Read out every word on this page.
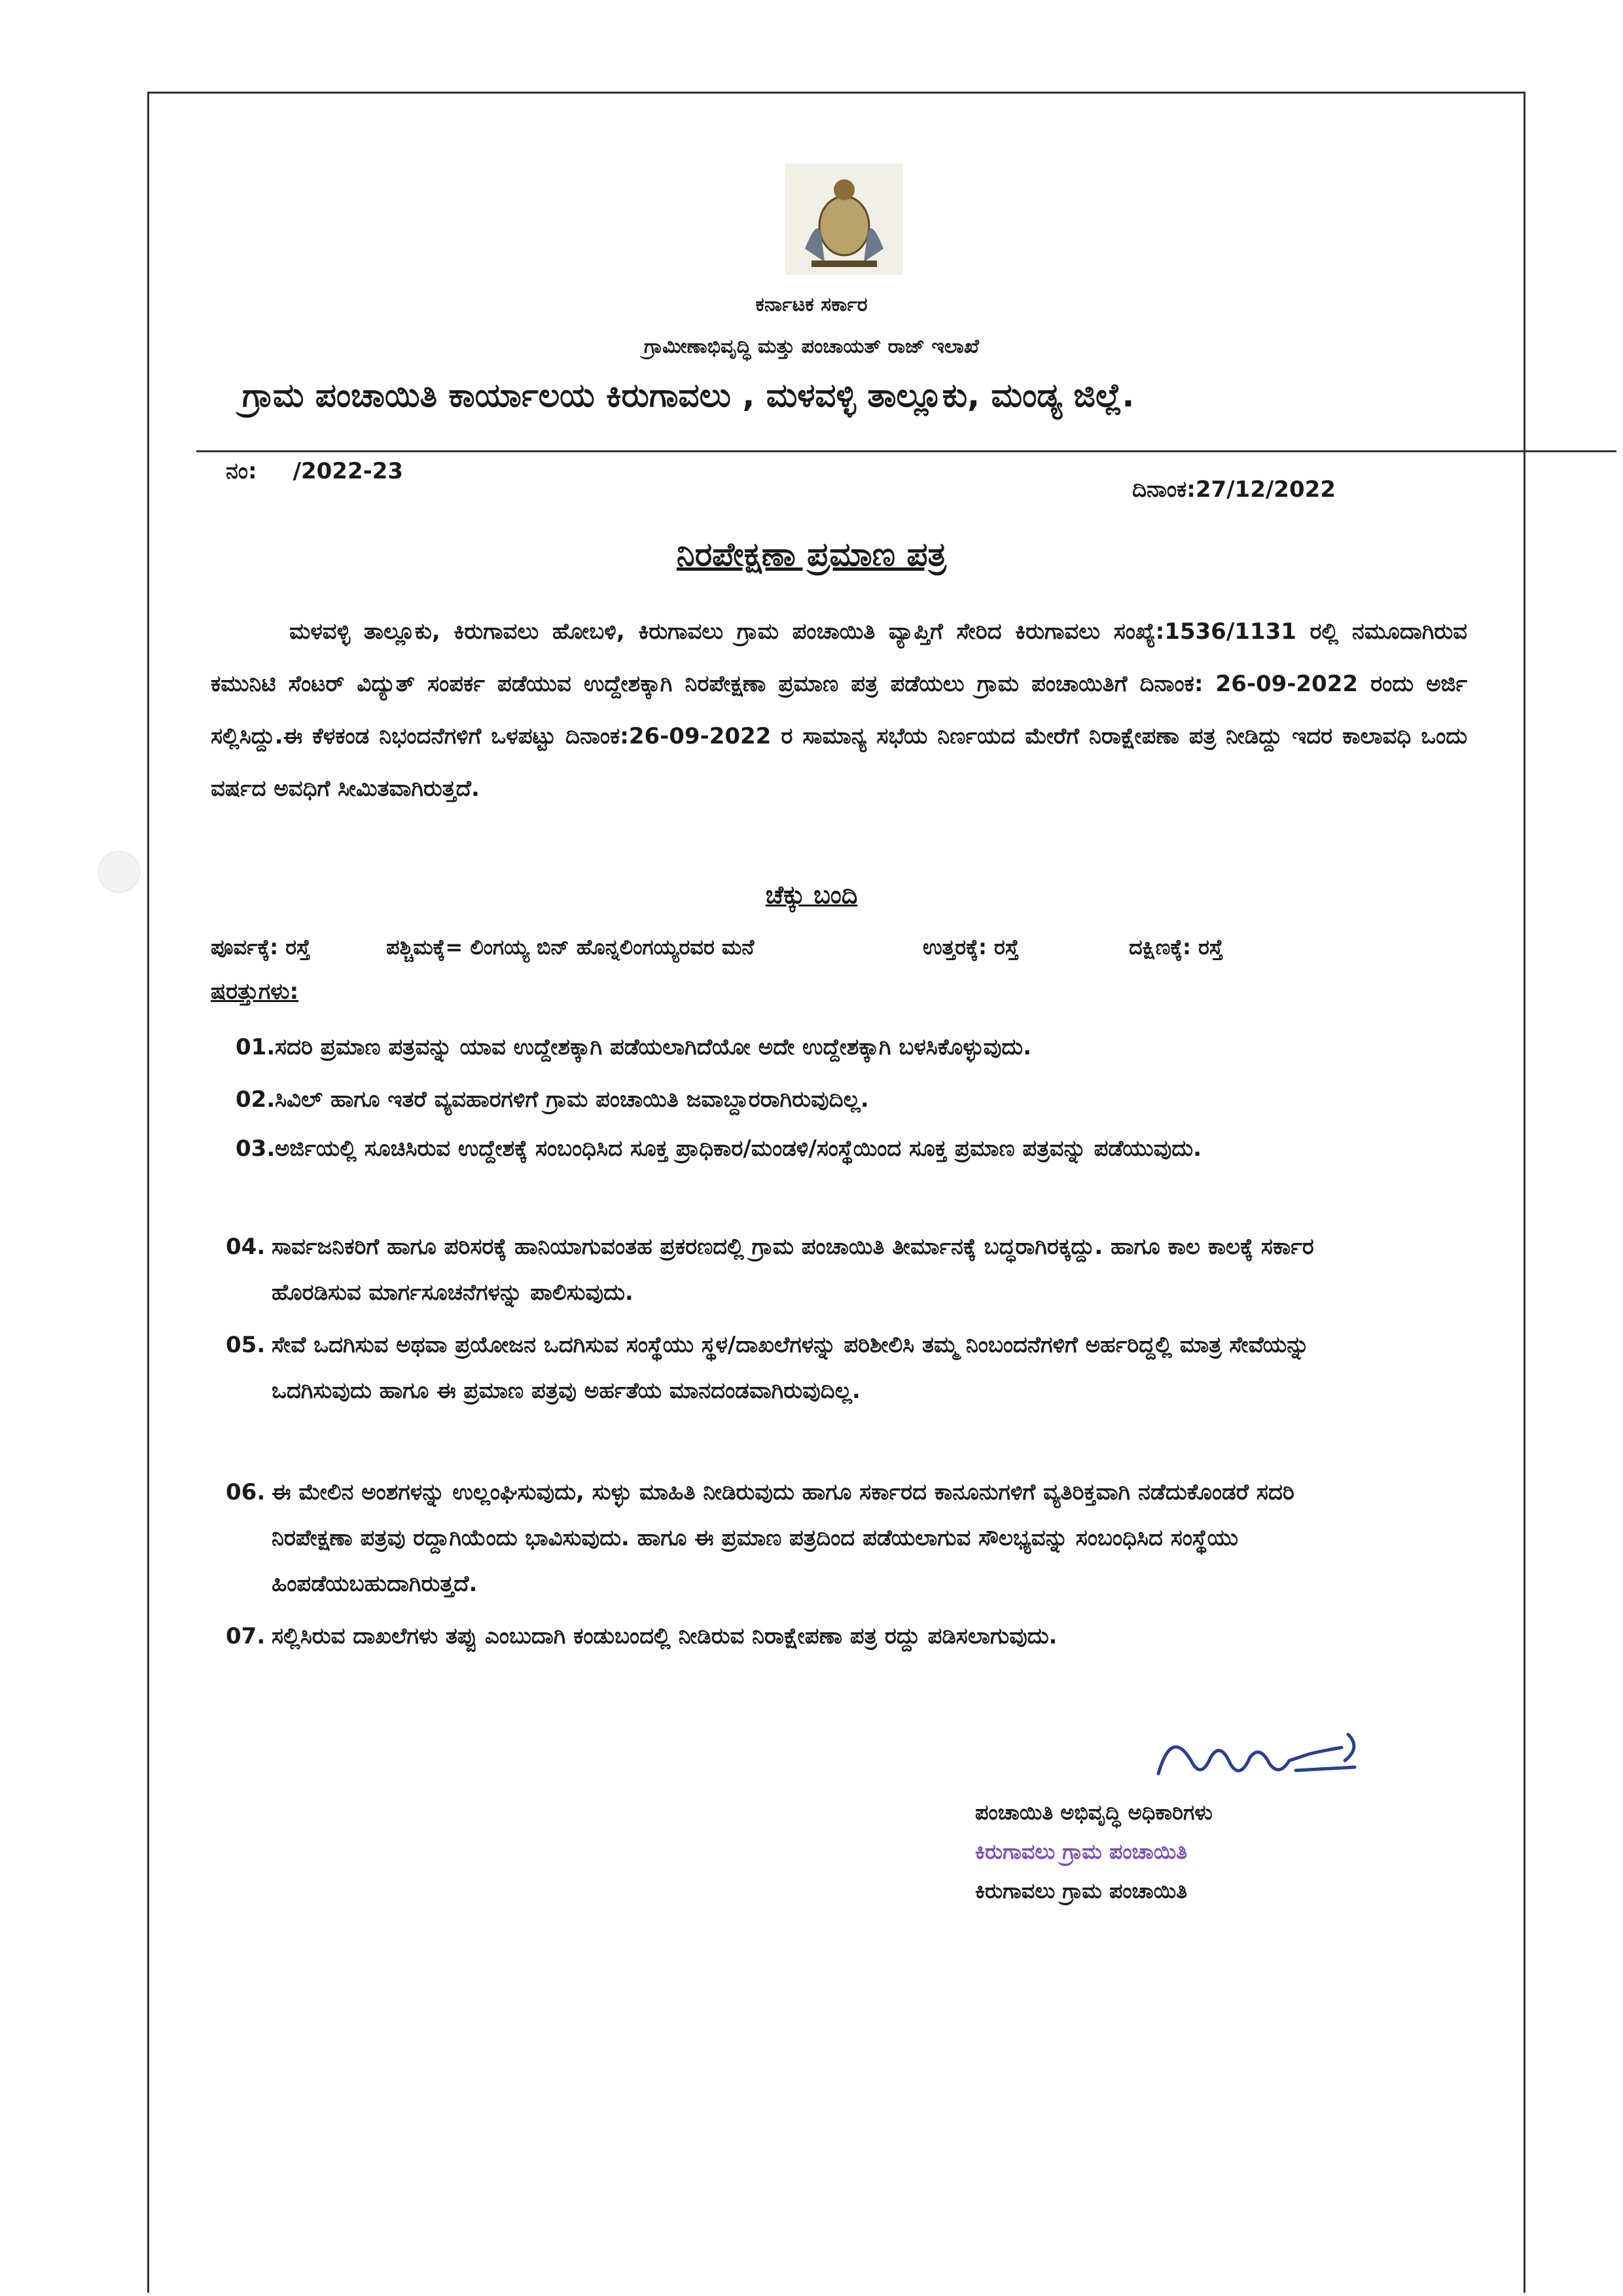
ಕರ್ನಾಟಕ ಸರ್ಕಾರ
ಗ್ರಾಮೀಣಾಭಿವೃದ್ಧಿ ಮತ್ತು ಪಂಚಾಯತ್ ರಾಜ್ ಇಲಾಖೆ
ಗ್ರಾಮ ಪಂಚಾಯಿತಿ ಕಾರ್ಯಾಲಯ ಕಿರುಗಾವಲು , ಮಳವಳ್ಳಿ ತಾಲ್ಲೂಕು, ಮಂಡ್ಯ ಜಿಲ್ಲೆ.
ನಂ: /2022-23
ದಿನಾಂಕ:27/12/2022
ನಿರಪೇಕ್ಷಣಾ ಪ್ರಮಾಣ ಪತ್ರ
ಮಳವಳ್ಳಿ ತಾಲ್ಲೂಕು, ಕಿರುಗಾವಲು ಹೋಬಳಿ, ಕಿರುಗಾವಲು ಗ್ರಾಮ ಪಂಚಾಯಿತಿ ವ್ಯಾಪ್ತಿಗೆ ಸೇರಿದ ಕಿರುಗಾವಲು ಸಂಖ್ಯೆ:1536/1131 ರಲ್ಲಿ ನಮೂದಾಗಿರುವ ಕಮುನಿಟಿ ಸೆಂಟರ್ ವಿದ್ಯುತ್ ಸಂಪರ್ಕ ಪಡೆಯುವ ಉದ್ದೇಶಕ್ಕಾಗಿ ನಿರಪೇಕ್ಷಣಾ ಪ್ರಮಾಣ ಪತ್ರ ಪಡೆಯಲು ಗ್ರಾಮ ಪಂಚಾಯಿತಿಗೆ ದಿನಾಂಕ: 26-09-2022 ರಂದು ಅರ್ಜಿ ಸಲ್ಲಿಸಿದ್ದು.ಈ ಕೆಳಕಂಡ ನಿಭಂದನೆಗಳಿಗೆ ಒಳಪಟ್ಟು ದಿನಾಂಕ:26-09-2022 ರ ಸಾಮಾನ್ಯ ಸಭೆಯ ನಿರ್ಣಯದ ಮೇರೆಗೆ ನಿರಾಕ್ಷೇಪಣಾ ಪತ್ರ ನೀಡಿದ್ದು ಇದರ ಕಾಲಾವಧಿ ಒಂದು ವರ್ಷದ ಅವಧಿಗೆ ಸೀಮಿತವಾಗಿರುತ್ತದೆ.
ಚೆಕ್ಕು ಬಂದಿ
ಪೂರ್ವಕ್ಕೆ: ರಸ್ತೆ	ಪಶ್ಚಿಮಕ್ಕೆ= ಲಿಂಗಯ್ಯ ಬಿನ್ ಹೊನ್ನಲಿಂಗಯ್ಯರವರ ಮನೆ	ಉತ್ತರಕ್ಕೆ: ರಸ್ತೆ	ದಕ್ಷಿಣಕ್ಕೆ: ರಸ್ತೆ
ಷರತ್ತುಗಳು:
01. ಸದರಿ ಪ್ರಮಾಣ ಪತ್ರವನ್ನು ಯಾವ ಉದ್ದೇಶಕ್ಕಾಗಿ ಪಡೆಯಲಾಗಿದೆಯೋ ಅದೇ ಉದ್ದೇಶಕ್ಕಾಗಿ ಬಳಸಿಕೊಳ್ಳುವುದು.
02. ಸಿವಿಲ್ ಹಾಗೂ ಇತರೆ ವ್ಯವಹಾರಗಳಿಗೆ ಗ್ರಾಮ ಪಂಚಾಯಿತಿ ಜವಾಬ್ದಾರರಾಗಿರುವುದಿಲ್ಲ.
03. ಅರ್ಜಿಯಲ್ಲಿ ಸೂಚಿಸಿರುವ ಉದ್ದೇಶಕ್ಕೆ ಸಂಬಂಧಿಸಿದ ಸೂಕ್ತ ಪ್ರಾಧಿಕಾರ/ಮಂಡಳಿ/ಸಂಸ್ಥೆಯಿಂದ ಸೂಕ್ತ ಪ್ರಮಾಣ ಪತ್ರವನ್ನು ಪಡೆಯುವುದು.
04. ಸಾರ್ವಜನಿಕರಿಗೆ ಹಾಗೂ ಪರಿಸರಕ್ಕೆ ಹಾನಿಯಾಗುವಂತಹ ಪ್ರಕರಣದಲ್ಲಿ ಗ್ರಾಮ ಪಂಚಾಯಿತಿ ತೀರ್ಮಾನಕ್ಕೆ ಬದ್ಧರಾಗಿರಕ್ಕದ್ದು. ಹಾಗೂ ಕಾಲ ಕಾಲಕ್ಕೆ ಸರ್ಕಾರ ಹೊರಡಿಸುವ ಮಾರ್ಗಸೂಚನೆಗಳನ್ನು ಪಾಲಿಸುವುದು.
05. ಸೇವೆ ಒದಗಿಸುವ ಅಥವಾ ಪ್ರಯೋಜನ ಒದಗಿಸುವ ಸಂಸ್ಥೆಯು ಸ್ಥಳ/ದಾಖಲೆಗಳನ್ನು ಪರಿಶೀಲಿಸಿ ತಮ್ಮ ನಿಂಬಂದನೆಗಳಿಗೆ ಅರ್ಹರಿದ್ದಲ್ಲಿ ಮಾತ್ರ ಸೇವೆಯನ್ನು ಒದಗಿಸುವುದು ಹಾಗೂ ಈ ಪ್ರಮಾಣ ಪತ್ರವು ಅರ್ಹತೆಯ ಮಾನದಂಡವಾಗಿರುವುದಿಲ್ಲ.
06. ಈ ಮೇಲಿನ ಅಂಶಗಳನ್ನು ಉಲ್ಲಂಘಿಸುವುದು, ಸುಳ್ಳು ಮಾಹಿತಿ ನೀಡಿರುವುದು ಹಾಗೂ ಸರ್ಕಾರದ ಕಾನೂನುಗಳಿಗೆ ವ್ಯತಿರಿಕ್ತವಾಗಿ ನಡೆದುಕೊಂಡರೆ ಸದರಿ ನಿರಪೇಕ್ಷಣಾ ಪತ್ರವು ರದ್ದಾಗಿಯೆಂದು ಭಾವಿಸುವುದು. ಹಾಗೂ ಈ ಪ್ರಮಾಣ ಪತ್ರದಿಂದ ಪಡೆಯಲಾಗುವ ಸೌಲಭ್ಯವನ್ನು ಸಂಬಂಧಿಸಿದ ಸಂಸ್ಥೆಯು ಹಿಂಪಡೆಯಬಹುದಾಗಿರುತ್ತದೆ.
07. ಸಲ್ಲಿಸಿರುವ ದಾಖಲೆಗಳು ತಪ್ಪು ಎಂಬುದಾಗಿ ಕಂಡುಬಂದಲ್ಲಿ ನೀಡಿರುವ ನಿರಾಕ್ಷೇಪಣಾ ಪತ್ರ ರದ್ದು ಪಡಿಸಲಾಗುವುದು.
ಪಂಚಾಯಿತಿ ಅಭಿವೃದ್ಧಿ ಅಧಿಕಾರಿಗಳು
ಕಿರುಗಾವಲು ಗ್ರಾಮ ಪಂಚಾಯಿತಿ
ಕಿರುಗಾವಲು ಗ್ರಾಮ ಪಂಚಾಯಿತಿ
